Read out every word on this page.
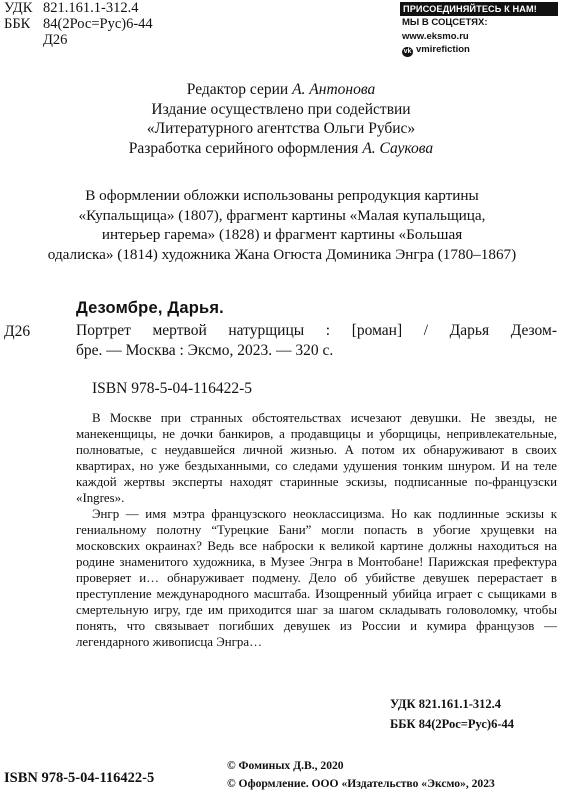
УДК 821.161.1-312.4
ББК 84(2Рос=Рус)6-44
Д26
ПРИСОЕДИНЯЙТЕСЬ К НАМ!
МЫ В СОЦСЕТЯХ:
www.eksmo.ru
vk vmirefiction
Редактор серии А. Антонова
Издание осуществлено при содействии
«Литературного агентства Ольги Рубис»
Разработка серийного оформления А. Саукова
В оформлении обложки использованы репродукция картины
«Купальщица» (1807), фрагмент картины «Малая купальщица,
интерьер гарема» (1828) и фрагмент картины «Большая
одалиска» (1814) художника Жана Огюста Доминика Энгра (1780–1867)
Дезомбре, Дарья.
Д26	Портрет мертвой натурщицы : [роман] / Дарья Дезом-
бре. — Москва : Эксмо, 2023. — 320 с.
ISBN 978-5-04-116422-5

В Москве при странных обстоятельствах исчезают девушки. Не звезды, не манекенщицы, не дочки банкиров, а продавщицы и уборщицы, непривлекательные, полноватые, с неудавшейся личной жизнью. А потом их обнаруживают в своих квартирах, но уже бездыханными, со следами удушения тонким шнуром. И на теле каждой жертвы эксперты находят старинные эскизы, подписанные по-французски «Ingres».

Энгр — имя мэтра французского неоклассицизма. Но как подлинные эскизы к гениальному полотну “Турецкие Бани” могли попасть в убогие хрущевки на московских окраинах? Ведь все наброски к великой картине должны находиться на родине знаменитого художника, в Музее Энгра в Монтобане! Парижская префектура проверяет и… обнаруживает подмену. Дело об убийстве девушек перерастает в преступление международного масштаба. Изощренный убийца играет с сыщиками в смертельную игру, где им приходится шаг за шагом складывать головоломку, чтобы понять, что связывает погибших девушек из России и кумира французов — легендарного живописца Энгра…

УДК 821.161.1-312.4
ББК 84(2Рос=Рус)6-44
ISBN 978-5-04-116422-5
© Фоминых Д.В., 2020
© Оформление. ООО «Издательство «Эксмо», 2023
